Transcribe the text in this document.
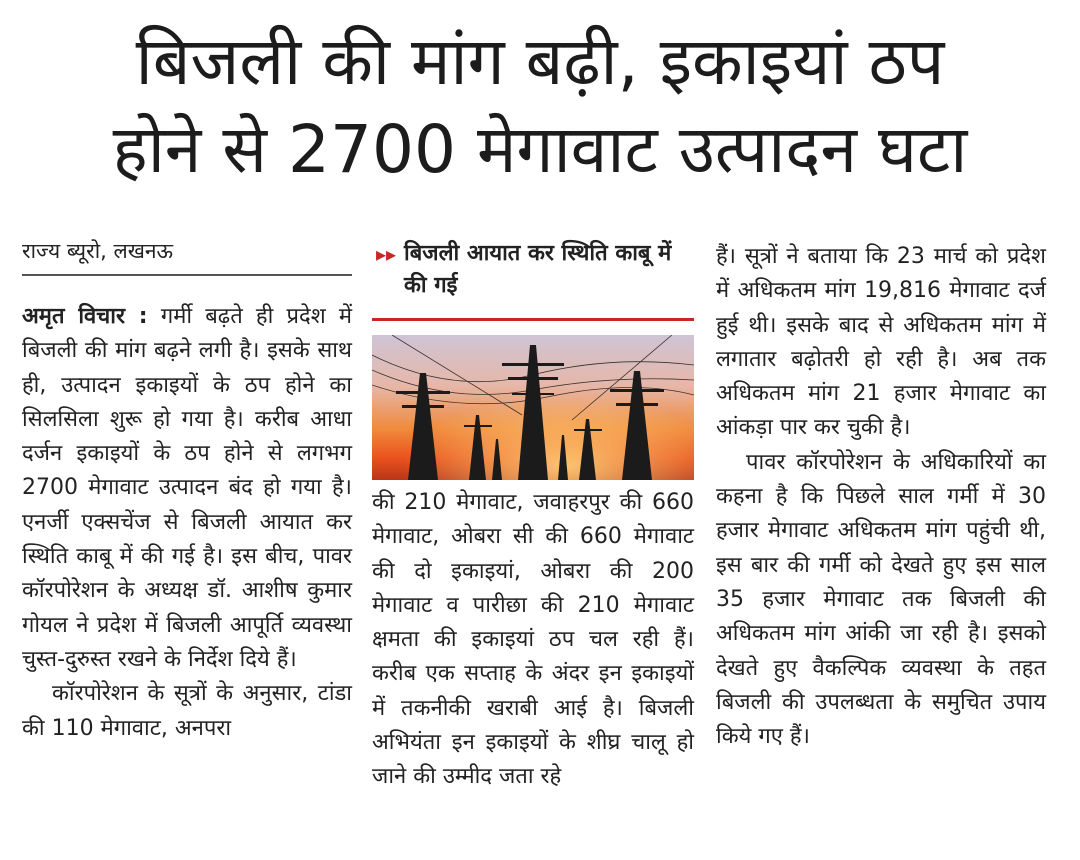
बिजली की मांग बढ़ी, इकाइयां ठप
होने से 2700 मेगावाट उत्पादन घटा
राज्य ब्यूरो, लखनऊ

अमृत विचार : गर्मी बढ़ते ही प्रदेश में बिजली की मांग बढ़ने लगी है। इसके साथ ही, उत्पादन इकाइयों के ठप होने का सिलसिला शुरू हो गया है। करीब आधा दर्जन इकाइयों के ठप होने से लगभग 2700 मेगावाट उत्पादन बंद हो गया है। एनर्जी एक्सचेंज से बिजली आयात कर स्थिति काबू में की गई है। इस बीच, पावर कॉरपोरेशन के अध्यक्ष डॉ. आशीष कुमार गोयल ने प्रदेश में बिजली आपूर्ति व्यवस्था चुस्त-दुरुस्त रखने के निर्देश दिये हैं।

कॉरपोरेशन के सूत्रों के अनुसार, टांडा की 110 मेगावाट, अनपरा

▸▸ बिजली आयात कर स्थिति काबू में की गई

की 210 मेगावाट, जवाहरपुर की 660 मेगावाट, ओबरा सी की 660 मेगावाट की दो इकाइयां, ओबरा की 200 मेगावाट व पारीछा की 210 मेगावाट क्षमता की इकाइयां ठप चल रही हैं। करीब एक सप्ताह के अंदर इन इकाइयों में तकनीकी खराबी आई है। बिजली अभियंता इन इकाइयों के शीघ्र चालू हो जाने की उम्मीद जता रहे

हैं। सूत्रों ने बताया कि 23 मार्च को प्रदेश में अधिकतम मांग 19,816 मेगावाट दर्ज हुई थी। इसके बाद से अधिकतम मांग में लगातार बढ़ोतरी हो रही है। अब तक अधिकतम मांग 21 हजार मेगावाट का आंकड़ा पार कर चुकी है।

पावर कॉरपोरेशन के अधिकारियों का कहना है कि पिछले साल गर्मी में 30 हजार मेगावाट अधिकतम मांग पहुंची थी, इस बार की गर्मी को देखते हुए इस साल 35 हजार मेगावाट तक बिजली की अधिकतम मांग आंकी जा रही है। इसको देखते हुए वैकल्पिक व्यवस्था के तहत बिजली की उपलब्धता के समुचित उपाय किये गए हैं।
